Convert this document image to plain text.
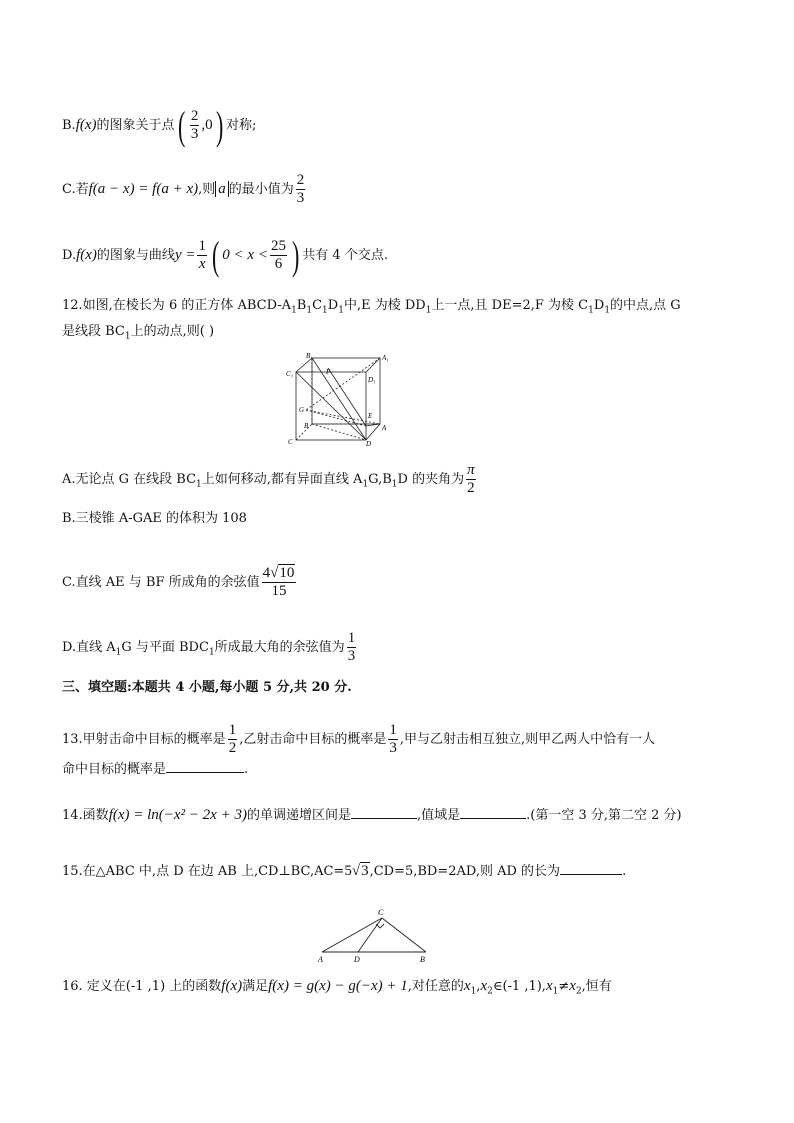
B.f(x)的图象关于点( $\frac{2}{3} ,0$) 对称;
C.若f(a − x) = f(a + x),则 a 的最小值为 $\frac{2}{3}$
D.f(x)的图象与曲线$y = \frac{1}{x}$ ( $0 < x < \frac{25}{6}$ ) 共有 4 个交点.
12.如图,在棱长为 6 的正方体 ABCD-$A_1B_1C_1D_1$中,E 为棱 $DD_1$上一点,且 DE=2,F 为棱 $C_1D_1$的中点,点 G
是线段 $BC_1$上的动点,则( )
B₁	A₁
C₁
D₁
F
E
G
B	A
C	D
A.无论点 G 在线段 $BC_1$上如何移动,都有异面直线 $A_1G,B_1D$ 的夹角为 $\frac{\pi}{2}$
B.三棱锥 A-GAE 的体积为 108
C.直线 AE 与 BF 所成角的余弦值 $\frac{4√10}{15}$
D.直线 $A_1G$ 与平面 $BDC_1$所成最大角的余弦值为 $\frac{1}{3}$
三、填空题:本题共 4 小题,每小题 5 分,共 20 分.
13.甲射击命中目标的概率是 $\frac{1}{2}$ ,乙射击命中目标的概率是 $\frac{1}{3}$ ,甲与乙射击相互独立,则甲乙两人中恰有一人
命中目标的概率是	.
14.函数f(x) = ln(−x² − 2x + 3)的单调递增区间是	,值域是	.(第一空 3 分,第二空 2 分)
15.在△ABC 中,点 D 在边 AB 上,CD⊥BC,AC=5√3,CD=5,BD=2AD,则 AD 的长为	.
C
A	D	B
16. 定义在(-1 ,1) 上的函数f(x)满足f(x) = g(x) − g(−x) + 1,对任意的$x_1,x_2\in(-1$ $,1),x_1\ne x_2$,恒有
